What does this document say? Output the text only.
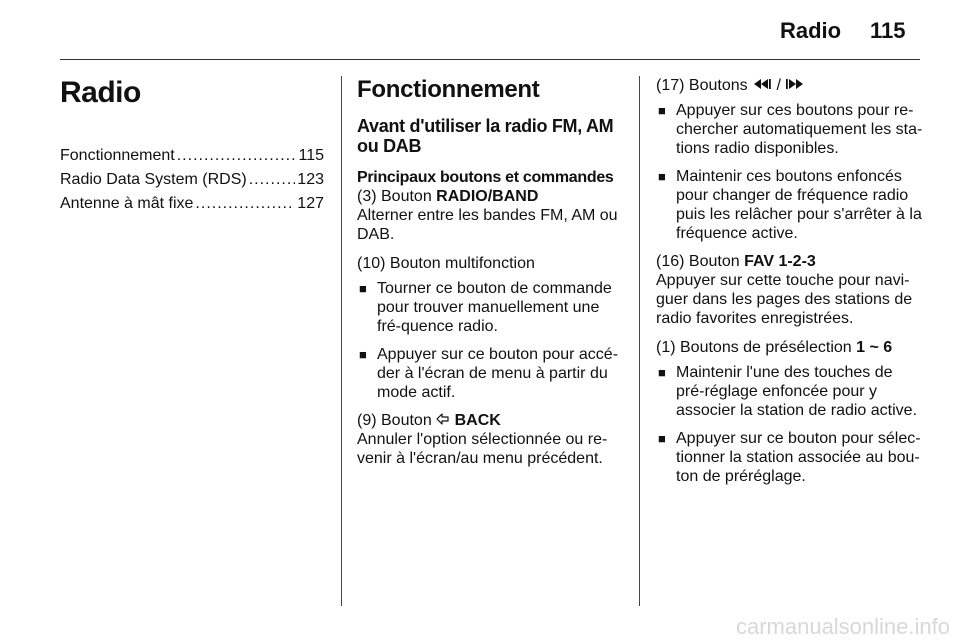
Radio	115
Radio
Fonctionnement .....	115
Radio Data System (RDS) .....	123
Antenne à mât fixe .....	127
Fonctionnement
Avant d'utiliser la radio FM, AM ou DAB
Principaux boutons et commandes

(3) Bouton RADIO/BAND

Alterner entre les bandes FM, AM ou DAB.

(10) Bouton multifonction

■ Tourner ce bouton de commande pour trouver manuellement une fré-quence radio.
■ Appuyer sur ce bouton pour accé-der à l'écran de menu à partir du mode actif.

(9) Bouton  BACK

Annuler l'option sélectionnée ou re-venir à l'écran/au menu précédent.

(17) Boutons  /

■ Appuyer sur ces boutons pour re-chercher automatiquement les sta-tions radio disponibles.
■ Maintenir ces boutons enfoncés pour changer de fréquence radio puis les relâcher pour s'arrêter à la fréquence active.

(16) Bouton FAV 1-2-3

Appuyer sur cette touche pour navi-guer dans les pages des stations de radio favorites enregistrées.

(1) Boutons de présélection 1 ~ 6

■ Maintenir l'une des touches de pré-réglage enfoncée pour y associer la station de radio active.
■ Appuyer sur ce bouton pour sélec-tionner la station associée au bou-ton de préréglage.
carmanualsonline.info
